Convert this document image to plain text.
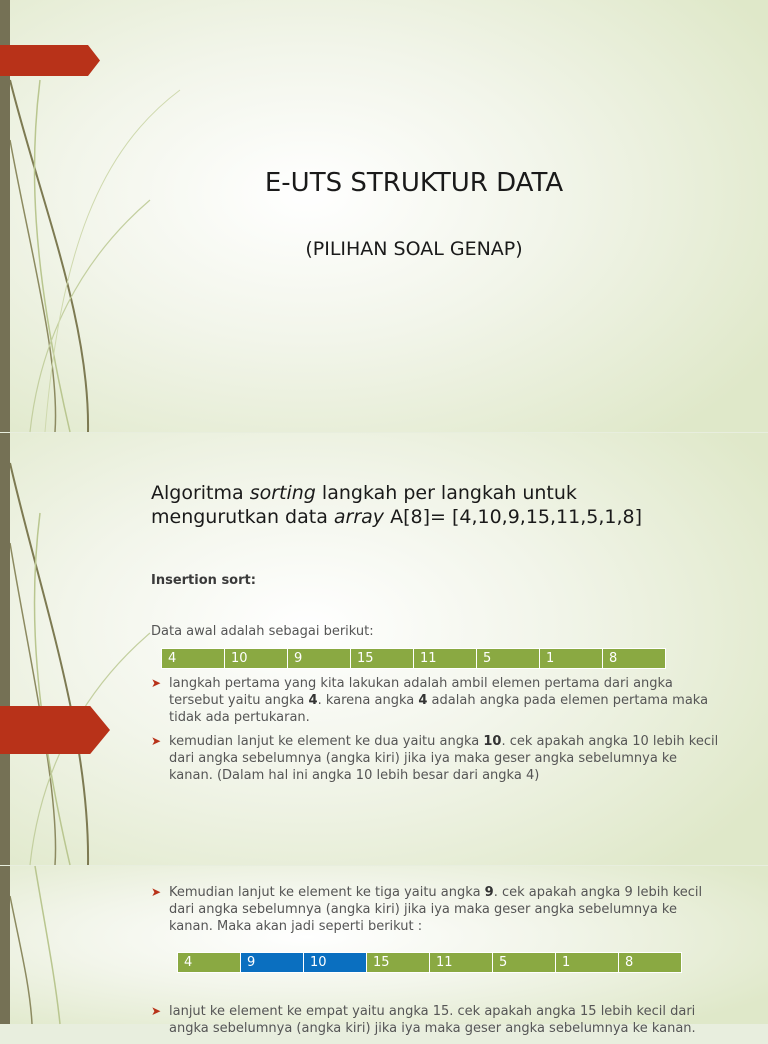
E-UTS STRUKTUR DATA
(PILIHAN SOAL GENAP)
Algoritma sorting langkah per langkah untuk
mengurutkan data array A[8]= [4,10,9,15,11,5,1,8]
Insertion sort:
Data awal adalah sebagai berikut:
4	10	9	15	11	5	1	8
➤ langkah pertama yang kita lakukan adalah ambil elemen pertama dari angka tersebut yaitu angka 4. karena angka 4 adalah angka pada elemen pertama maka tidak ada pertukaran.
➤ kemudian lanjut ke element ke dua yaitu angka 10. cek apakah angka 10 lebih kecil dari angka sebelumnya (angka kiri) jika iya maka geser angka sebelumnya ke kanan. (Dalam hal ini angka 10 lebih besar dari angka 4)
➤ Kemudian lanjut ke element ke tiga yaitu angka 9. cek apakah angka 9 lebih kecil dari angka sebelumnya (angka kiri) jika iya maka geser angka sebelumnya ke kanan. Maka akan jadi seperti berikut :
4	9	10	15	11	5	1	8
➤ lanjut ke element ke empat yaitu angka 15. cek apakah angka 15 lebih kecil dari angka sebelumnya (angka kiri) jika iya maka geser angka sebelumnya ke kanan.
